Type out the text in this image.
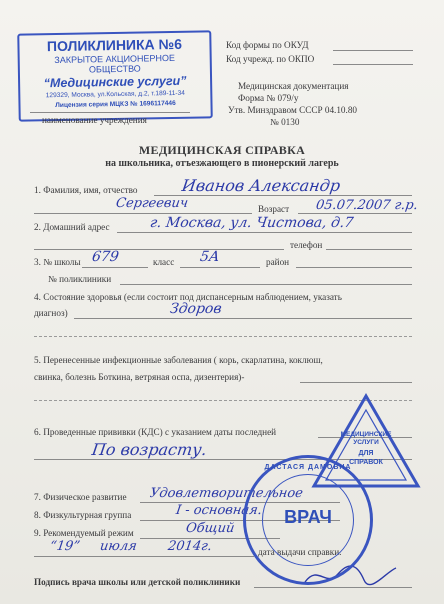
Код формы по ОКУД
Код учрежд. по ОКПО
Медицинская документация
Форма № 079/у
Утв. Минздравом СССР 04.10.80
№ 0130
ПОЛИКЛИНИКА №6
ЗАКРЫТОЕ АКЦИОНЕРНОЕ
ОБЩЕСТВО
“Медицинские услуги”
129329, Москва, ул.Кольская, д.2, т.189-11-34
Лицензия серия МЦКЗ № 1696117446
наименование учреждения
МЕДИЦИНСКАЯ СПРАВКА
на школьника, отъезжающего в пионерский лагерь
1. Фамилия, имя, отчество	Иванов Александр
Сергеевич	Возраст 05.07.2007 г.р.
2. Домашний адрес	г. Москва, ул. Чистова, д.7
телефон
3. № школы 679	класс 5А	район
№ поликлиники
4. Состояние здоровья (если состоит под диспансерным наблюдением, указать
диагноз)	Здоров
5. Перенесенные инфекционные заболевания ( корь, скарлатина, коклюш,
свинка, болезнь Боткина, ветряная оспа, дизентерия)-
6. Проведенные прививки (КДС) с указанием даты последней
По возрасту.
7. Физическое развитие Удовлетворительное
8. Физкультурная группа	I - основная.
9. Рекомендуемый режим	Общий
“19” июля 2014г.	дата выдачи справки.
Подпись врача школы или детской поликлиники
МЕДИЦИНСКИЕ
УСЛУГИ
ДЛЯ
СПРАВОК
ВРАЧ
ДАСТАСЯ ДАМОВНА
